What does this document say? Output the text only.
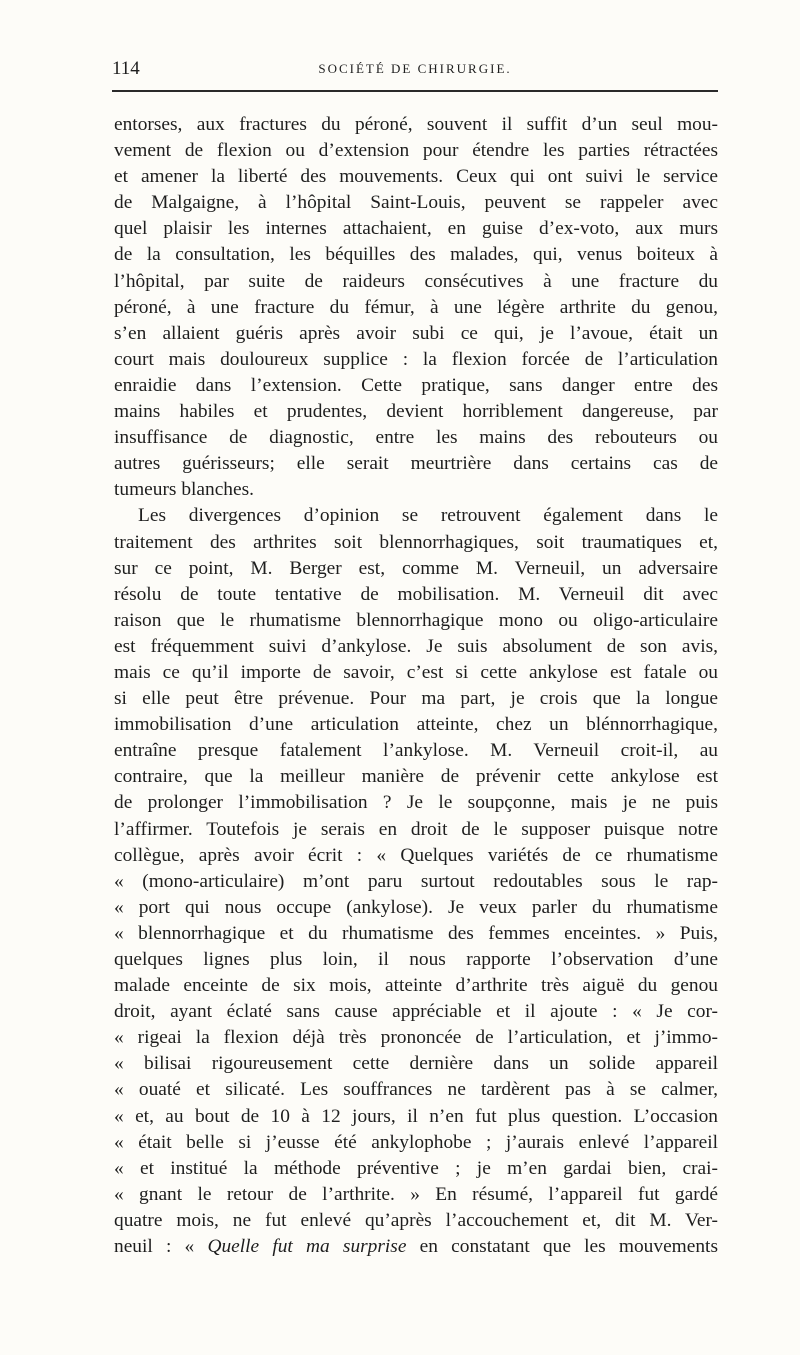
114	SOCIÉTÉ DE CHIRURGIE.
entorses, aux fractures du péroné, souvent il suffit d’un seul mou-
vement de flexion ou d’extension pour étendre les parties rétractées
et amener la liberté des mouvements. Ceux qui ont suivi le service
de Malgaigne, à l’hôpital Saint-Louis, peuvent se rappeler avec
quel plaisir les internes attachaient, en guise d’ex-voto, aux murs
de la consultation, les béquilles des malades, qui, venus boiteux à
l’hôpital, par suite de raideurs consécutives à une fracture du
péroné, à une fracture du fémur, à une légère arthrite du genou,
s’en allaient guéris après avoir subi ce qui, je l’avoue, était un
court mais douloureux supplice : la flexion forcée de l’articulation
enraidie dans l’extension. Cette pratique, sans danger entre des
mains habiles et prudentes, devient horriblement dangereuse, par
insuffisance de diagnostic, entre les mains des rebouteurs ou
autres guérisseurs; elle serait meurtrière dans certains cas de
tumeurs blanches.
Les divergences d’opinion se retrouvent également dans le
traitement des arthrites soit blennorrhagiques, soit traumatiques et,
sur ce point, M. Berger est, comme M. Verneuil, un adversaire
résolu de toute tentative de mobilisation. M. Verneuil dit avec
raison que le rhumatisme blennorrhagique mono ou oligo-articulaire
est fréquemment suivi d’ankylose. Je suis absolument de son avis,
mais ce qu’il importe de savoir, c’est si cette ankylose est fatale ou
si elle peut être prévenue. Pour ma part, je crois que la longue
immobilisation d’une articulation atteinte, chez un blénnorrhagique,
entraîne presque fatalement l’ankylose. M. Verneuil croit-il, au
contraire, que la meilleur manière de prévenir cette ankylose est
de prolonger l’immobilisation ? Je le soupçonne, mais je ne puis
l’affirmer. Toutefois je serais en droit de le supposer puisque notre
collègue, après avoir écrit : « Quelques variétés de ce rhumatisme
« (mono-articulaire) m’ont paru surtout redoutables sous le rap-
« port qui nous occupe (ankylose). Je veux parler du rhumatisme
« blennorrhagique et du rhumatisme des femmes enceintes. » Puis,
quelques lignes plus loin, il nous rapporte l’observation d’une
malade enceinte de six mois, atteinte d’arthrite très aiguë du genou
droit, ayant éclaté sans cause appréciable et il ajoute : « Je cor-
« rigeai la flexion déjà très prononcée de l’articulation, et j’immo-
« bilisai rigoureusement cette dernière dans un solide appareil
« ouaté et silicaté. Les souffrances ne tardèrent pas à se calmer,
« et, au bout de 10 à 12 jours, il n’en fut plus question. L’occasion
« était belle si j’eusse été ankylophobe ; j’aurais enlevé l’appareil
« et institué la méthode préventive ; je m’en gardai bien, crai-
« gnant le retour de l’arthrite. » En résumé, l’appareil fut gardé
quatre mois, ne fut enlevé qu’après l’accouchement et, dit M. Ver-
neuil : « Quelle fut ma surprise en constatant que les mouvements
